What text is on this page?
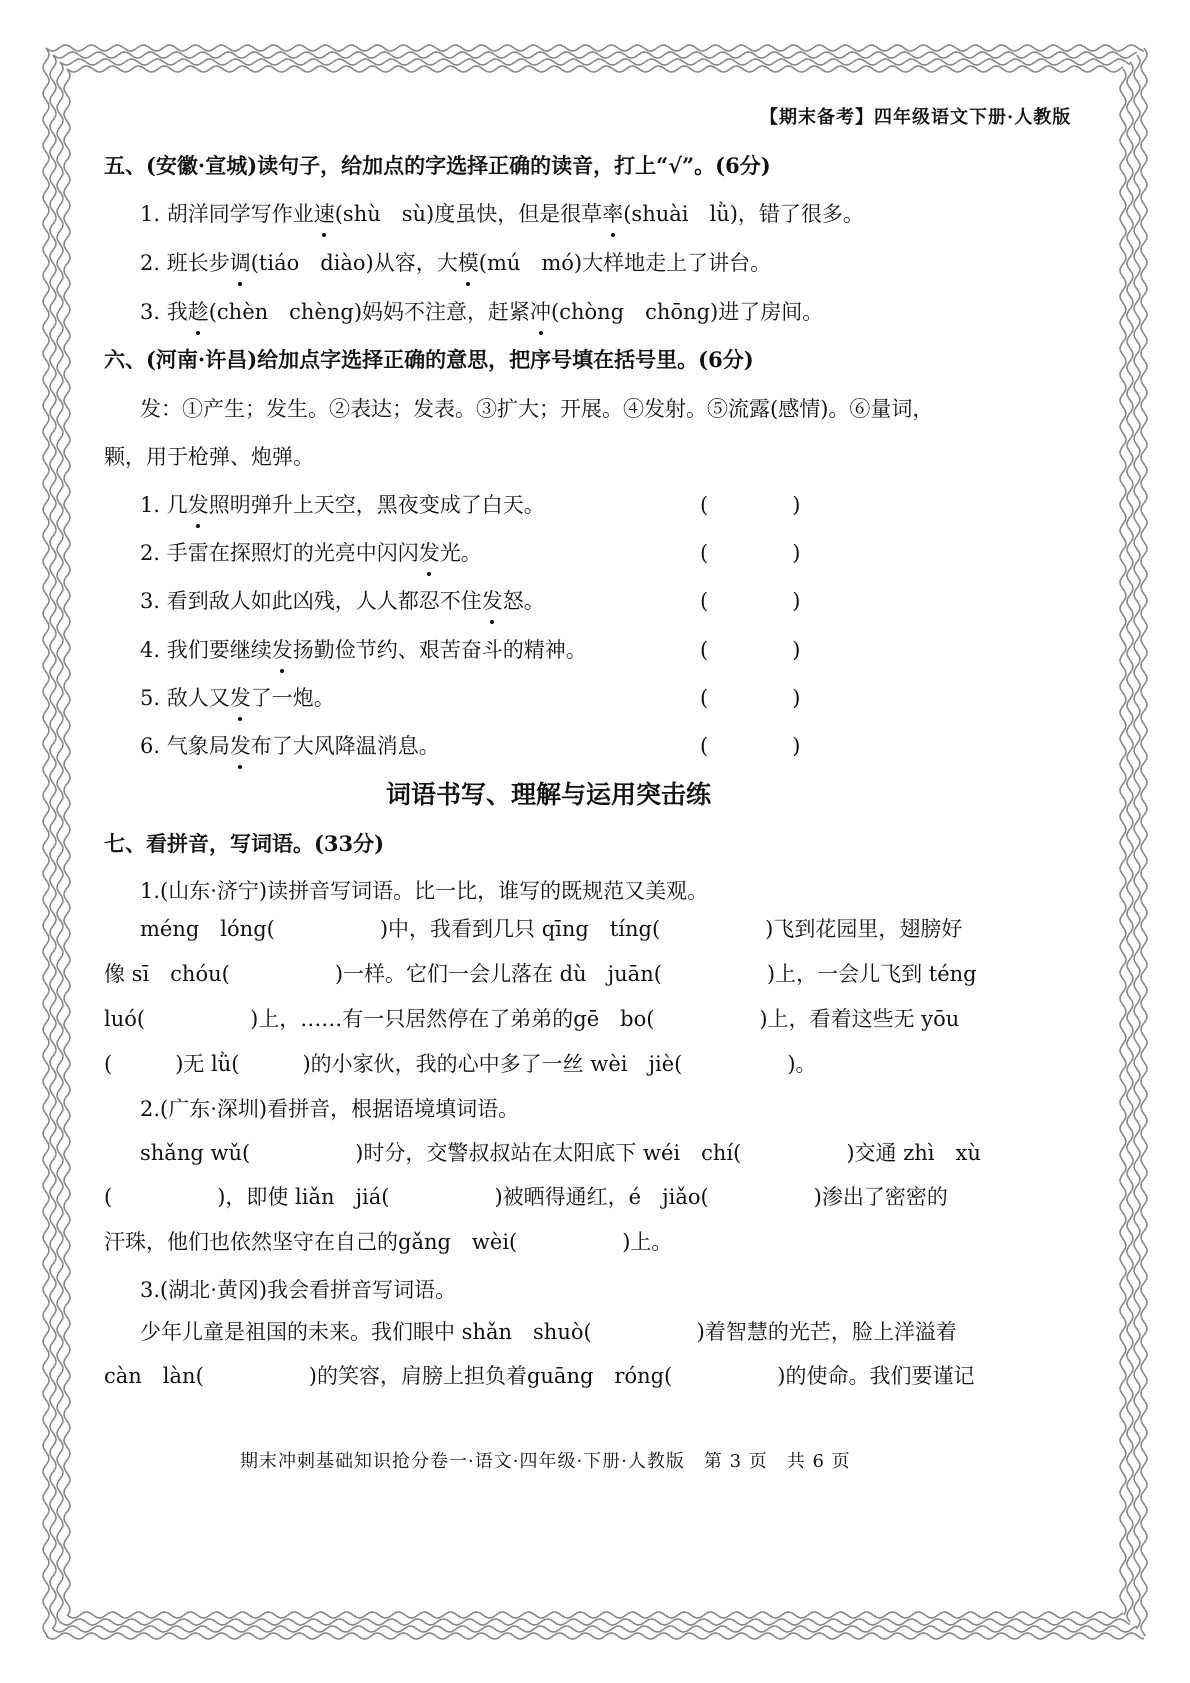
【期末备考】四年级语文下册·人教版
五、(安徽·宣城)读句子，给加点的字选择正确的读音，打上“√”。(6分)
1. 胡洋同学写作业速(shù　sù)度虽快，但是很草率(shuài　lǜ)，错了很多。
2. 班长步调(tiáo　diào)从容，大模(mú　mó)大样地走上了讲台。
3. 我趁(chèn　chèng)妈妈不注意，赶紧冲(chòng　chōng)进了房间。
六、(河南·许昌)给加点字选择正确的意思，把序号填在括号里。(6分)
发：①产生；发生。②表达；发表。③扩大；开展。④发射。⑤流露(感情)。⑥量词，
颗，用于枪弹、炮弹。
1. 几发照明弹升上天空，黑夜变成了白天。	(　　　　)
2. 手雷在探照灯的光亮中闪闪发光。	(　　　　)
3. 看到敌人如此凶残，人人都忍不住发怒。	(　　　　)
4. 我们要继续发扬勤俭节约、艰苦奋斗的精神。	(　　　　)
5. 敌人又发了一炮。	(　　　　)
6. 气象局发布了大风降温消息。	(　　　　)
词语书写、理解与运用突击练
七、看拼音，写词语。(33分)
1.(山东·济宁)读拼音写词语。比一比，谁写的既规范又美观。
méng　lóng(　　　　　)中，我看到几只 qīng　tíng(　　　　　)飞到花园里，翅膀好
像 sī　chóu(　　　　　)一样。它们一会儿落在 dù　juān(　　　　　)上，一会儿飞到 téng
luó(　　　　　)上，……有一只居然停在了弟弟的gē　bo(　　　　　)上，看着这些无 yōu
(　　　)无 lǜ(　　　)的小家伙，我的心中多了一丝 wèi　jiè(　　　　　)。
2.(广东·深圳)看拼音，根据语境填词语。
shǎng wǔ(　　　　　)时分，交警叔叔站在太阳底下 wéi　chí(　　　　　)交通 zhì　xù
(　　　　　)，即使 liǎn　jiá(　　　　　)被晒得通红，é　jiǎo(　　　　　)渗出了密密的
汗珠，他们也依然坚守在自己的gǎng　wèi(　　　　　)上。
3.(湖北·黄冈)我会看拼音写词语。
少年儿童是祖国的未来。我们眼中 shǎn　shuò(　　　　　)着智慧的光芒，脸上洋溢着
càn　làn(　　　　　)的笑容，肩膀上担负着guāng　róng(　　　　　)的使命。我们要谨记
期末冲刺基础知识抢分卷一·语文·四年级·下册·人教版　第 3 页　共 6 页
